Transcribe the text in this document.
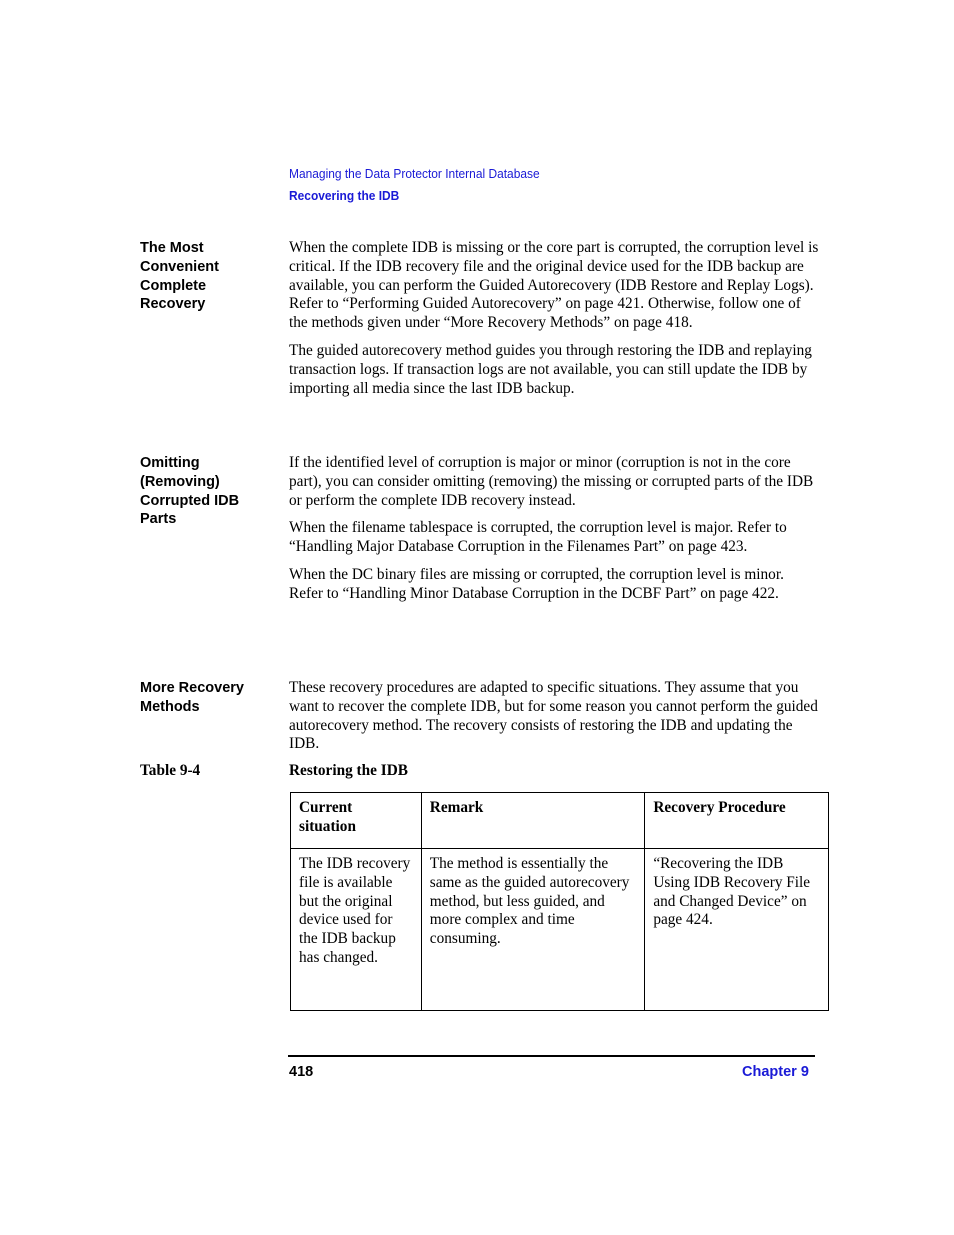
Managing the Data Protector Internal Database
Recovering the IDB
The Most
Convenient
Complete
Recovery

When the complete IDB is missing or the core part is corrupted, the corruption level is critical. If the IDB recovery file and the original device used for the IDB backup are available, you can perform the Guided Autorecovery (IDB Restore and Replay Logs). Refer to “Performing Guided Autorecovery” on page 421. Otherwise, follow one of the methods given under “More Recovery Methods” on page 418.

The guided autorecovery method guides you through restoring the IDB and replaying transaction logs. If transaction logs are not available, you can still update the IDB by importing all media since the last IDB backup.

Omitting
(Removing)
Corrupted IDB
Parts

If the identified level of corruption is major or minor (corruption is not in the core part), you can consider omitting (removing) the missing or corrupted parts of the IDB or perform the complete IDB recovery instead.

When the filename tablespace is corrupted, the corruption level is major. Refer to “Handling Major Database Corruption in the Filenames Part” on page 423.

When the DC binary files are missing or corrupted, the corruption level is minor. Refer to “Handling Minor Database Corruption in the DCBF Part” on page 422.

More Recovery
Methods

These recovery procedures are adapted to specific situations. They assume that you want to recover the complete IDB, but for some reason you cannot perform the guided autorecovery method. The recovery consists of restoring the IDB and updating the IDB.

Table 9-4	Restoring the IDB
Current situation	Remark	Recovery Procedure
The IDB recovery file is available but the original device used for the IDB backup has changed.	The method is essentially the same as the guided autorecovery method, but less guided, and more complex and time consuming.	“Recovering the IDB Using IDB Recovery File and Changed Device” on page 424.
418	Chapter 9
